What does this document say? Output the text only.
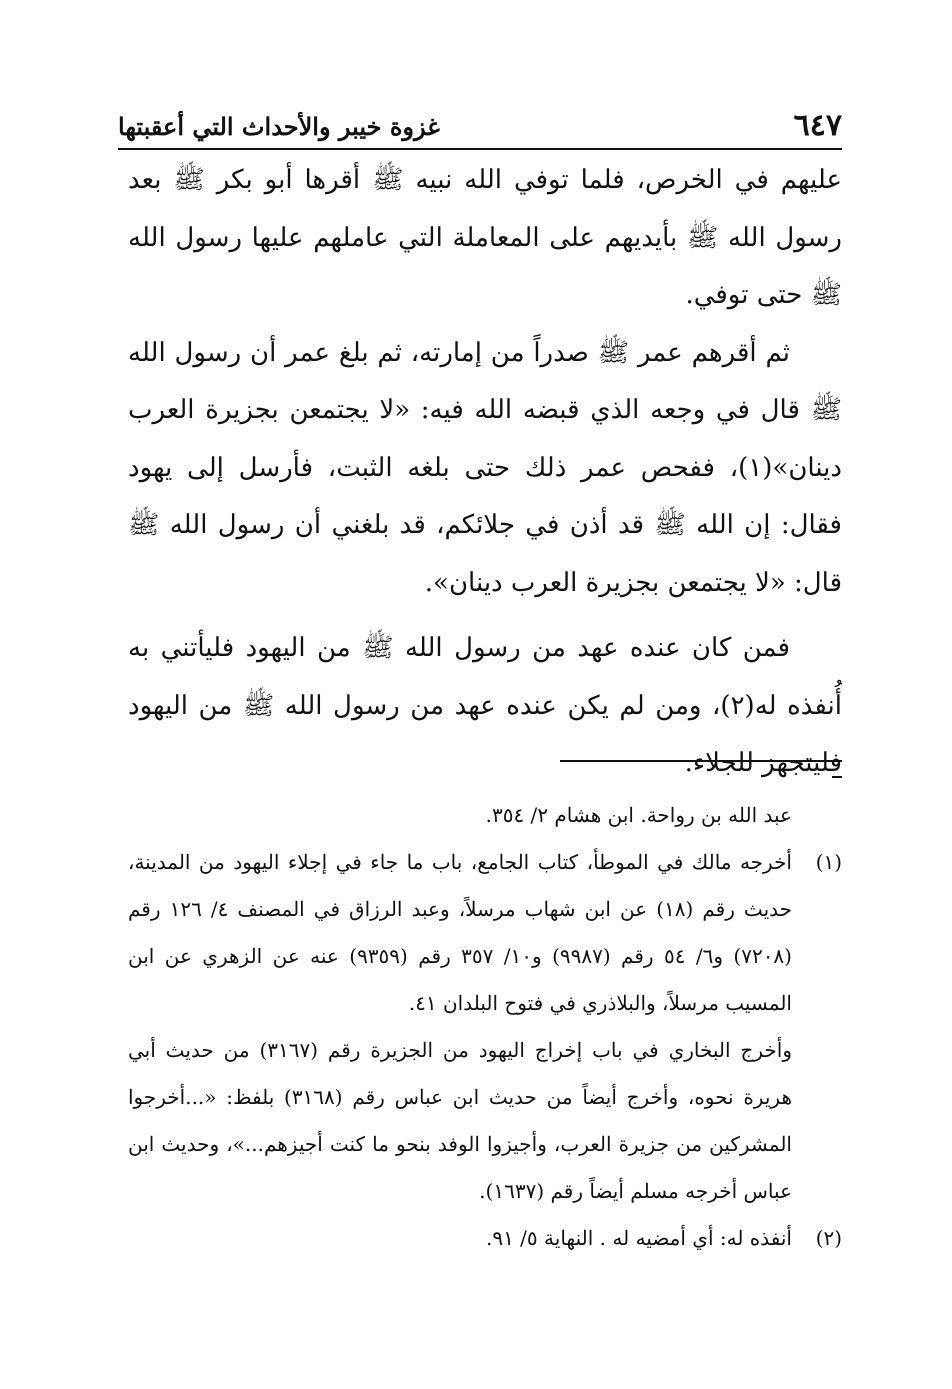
٦٤٧
غزوة خيبر والأحداث التي أعقبتها

عليهم في الخرص، فلما توفي الله نبيه ﷺ أقرها أبو بكر ﷺ بعد رسول الله ﷺ بأيديهم على المعاملة التي عاملهم عليها رسول الله ﷺ حتى توفي.

ثم أقرهم عمر ﷺ صدراً من إمارته، ثم بلغ عمر أن رسول الله ﷺ قال في وجعه الذي قبضه الله فيه: «لا يجتمعن بجزيرة العرب دينان»(١)، ففحص عمر ذلك حتى بلغه الثبت، فأرسل إلى يهود فقال: إن الله ﷺ قد أذن في جلائكم، قد بلغني أن رسول الله ﷺ قال: «لا يجتمعن بجزيرة العرب دينان».

فمن كان عنده عهد من رسول الله ﷺ من اليهود فليأتني به أُنفذه له(٢)، ومن لم يكن عنده عهد من رسول الله ﷺ من اليهود فليتجهز للجلاء.

عبد الله بن رواحة. ابن هشام ٢/ ٣٥٤.

(١)
أخرجه مالك في الموطأ، كتاب الجامع، باب ما جاء في إجلاء اليهود من المدينة، حديث رقم (١٨) عن ابن شهاب مرسلاً، وعبد الرزاق في المصنف ٤/ ١٢٦ رقم (٧٢٠٨) و٦/ ٥٤ رقم (٩٩٨٧) و١٠/ ٣٥٧ رقم (٩٣٥٩) عنه عن الزهري عن ابن المسيب مرسلاً، والبلاذري في فتوح البلدان ٤١.
وأخرج البخاري في باب إخراج اليهود من الجزيرة رقم (٣١٦٧) من حديث أبي هريرة نحوه، وأخرج أيضاً من حديث ابن عباس رقم (٣١٦٨) بلفظ: «...أخرجوا المشركين من جزيرة العرب، وأجيزوا الوفد بنحو ما كنت أجيزهم...»، وحديث ابن عباس أخرجه مسلم أيضاً رقم (١٦٣٧).
(٢)
أنفذه له: أي أمضيه له . النهاية ٥/ ٩١.
